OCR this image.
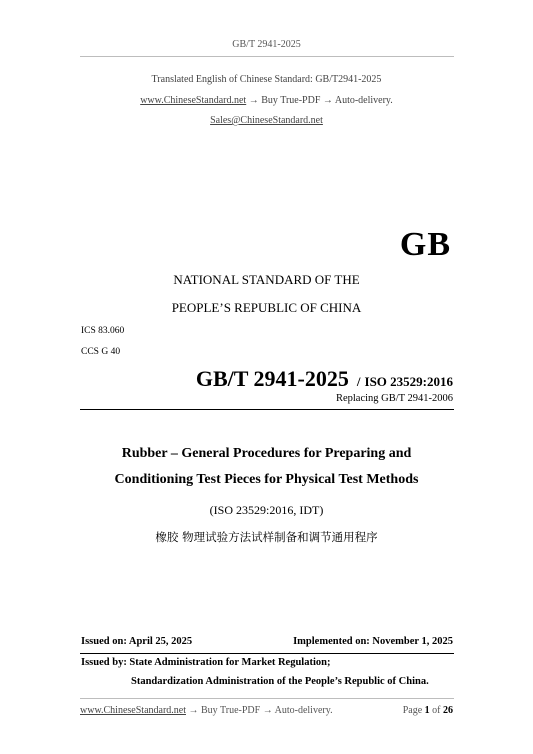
GB/T 2941-2025
Translated English of Chinese Standard: GB/T2941-2025
www.ChineseStandard.net → Buy True-PDF → Auto-delivery.
Sales@ChineseStandard.net
GB
NATIONAL STANDARD OF THE
PEOPLE’S REPUBLIC OF CHINA
ICS 83.060
CCS G 40
GB/T 2941-2025 / ISO 23529:2016
Replacing GB/T 2941-2006
Rubber – General Procedures for Preparing and
Conditioning Test Pieces for Physical Test Methods
(ISO 23529:2016, IDT)
橡胶 物理试验方法试样制备和调节通用程序
Issued on: April 25, 2025	Implemented on: November 1, 2025
Issued by: State Administration for Market Regulation;
Standardization Administration of the People’s Republic of China.
www.ChineseStandard.net → Buy True-PDF → Auto-delivery.	Page 1 of 26
